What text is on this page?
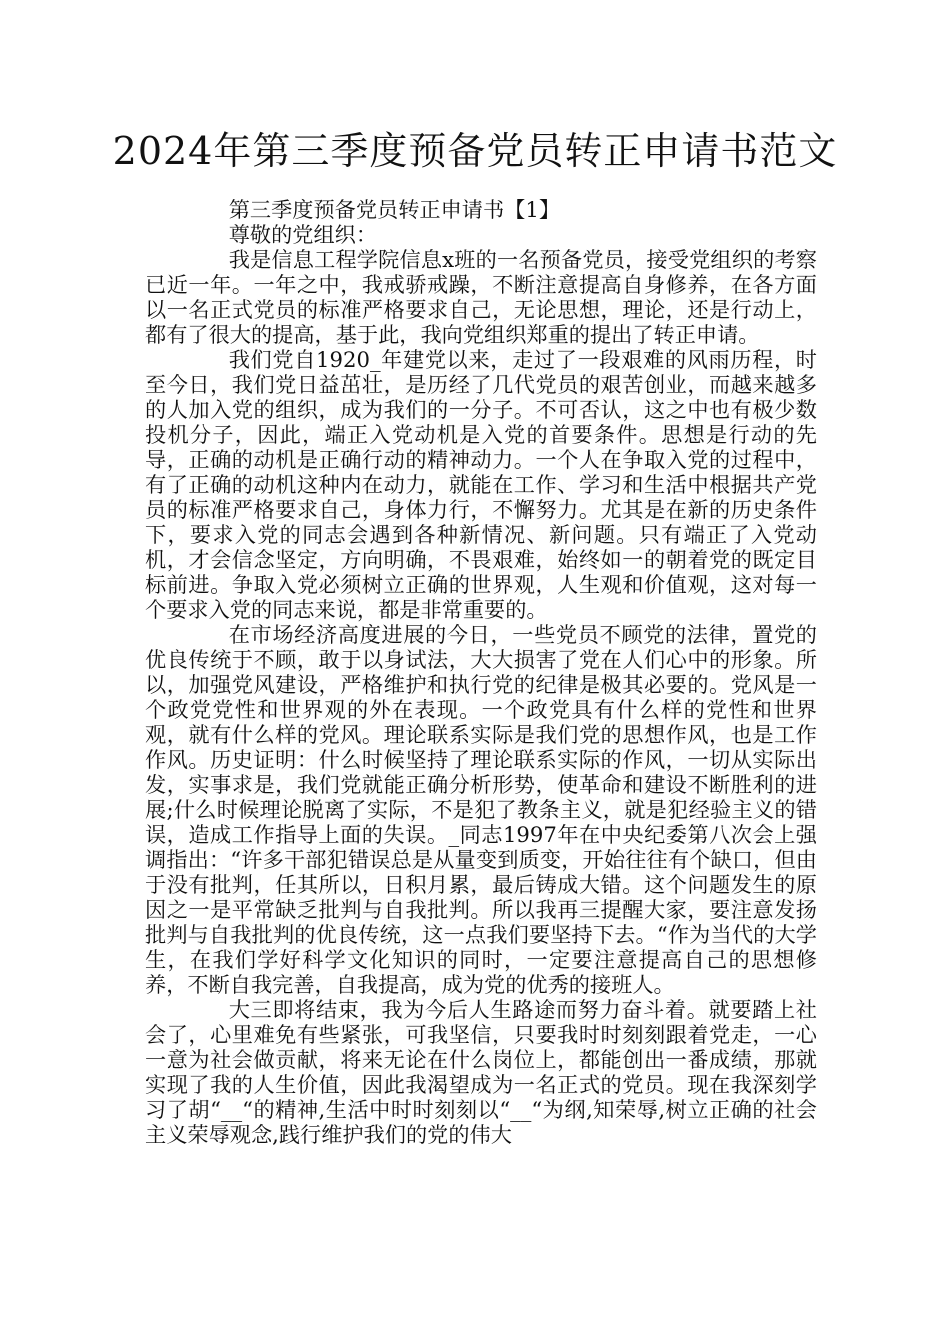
2024年第三季度预备党员转正申请书范文

第三季度预备党员转正申请书【1】

尊敬的党组织：

我是信息工程学院信息x班的一名预备党员，接受党组织的考察已近一年。一年之中，我戒骄戒躁，不断注意提高自身修养，在各方面以一名正式党员的标准严格要求自己，无论思想，理论，还是行动上，都有了很大的提高，基于此，我向党组织郑重的提出了转正申请。

我们党自1920_年建党以来，走过了一段艰难的风雨历程，时至今日，我们党日益茁壮，是历经了几代党员的艰苦创业，而越来越多的人加入党的组织，成为我们的一分子。不可否认，这之中也有极少数投机分子，因此，端正入党动机是入党的首要条件。思想是行动的先导，正确的动机是正确行动的精神动力。一个人在争取入党的过程中，有了正确的动机这种内在动力，就能在工作、学习和生活中根据共产党员的标准严格要求自己，身体力行，不懈努力。尤其是在新的历史条件下，要求入党的同志会遇到各种新情况、新问题。只有端正了入党动机，才会信念坚定，方向明确，不畏艰难，始终如一的朝着党的既定目标前进。争取入党必须树立正确的世界观，人生观和价值观，这对每一个要求入党的同志来说，都是非常重要的。

在市场经济高度进展的今日，一些党员不顾党的法律，置党的优良传统于不顾，敢于以身试法，大大损害了党在人们心中的形象。所以，加强党风建设，严格维护和执行党的纪律是极其必要的。党风是一个政党党性和世界观的外在表现。一个政党具有什么样的党性和世界观，就有什么样的党风。理论联系实际是我们党的思想作风，也是工作作风。历史证明：什么时候坚持了理论联系实际的作风，一切从实际出发，实事求是，我们党就能正确分析形势，使革命和建设不断胜利的进展;什么时候理论脱离了实际，不是犯了教条主义，就是犯经验主义的错误，造成工作指导上面的失误。_同志1997年在中央纪委第八次会上强调指出：“许多干部犯错误总是从量变到质变，开始往往有个缺口，但由于没有批判，任其所以，日积月累，最后铸成大错。这个问题发生的原因之一是平常缺乏批判与自我批判。所以我再三提醒大家，要注意发扬批判与自我批判的优良传统，这一点我们要坚持下去。“作为当代的大学生，在我们学好科学文化知识的同时，一定要注意提高自己的思想修养，不断自我完善，自我提高，成为党的优秀的接班人。

大三即将结束，我为今后人生路途而努力奋斗着。就要踏上社会了，心里难免有些紧张，可我坚信，只要我时时刻刻跟着党走，一心一意为社会做贡献，将来无论在什么岗位上，都能创出一番成绩，那就实现了我的人生价值，因此我渴望成为一名正式的党员。现在我深刻学习了胡“__“的精神,生活中时时刻刻以“__“为纲,知荣辱,树立正确的社会主义荣辱观念,践行维护我们的党的伟大
